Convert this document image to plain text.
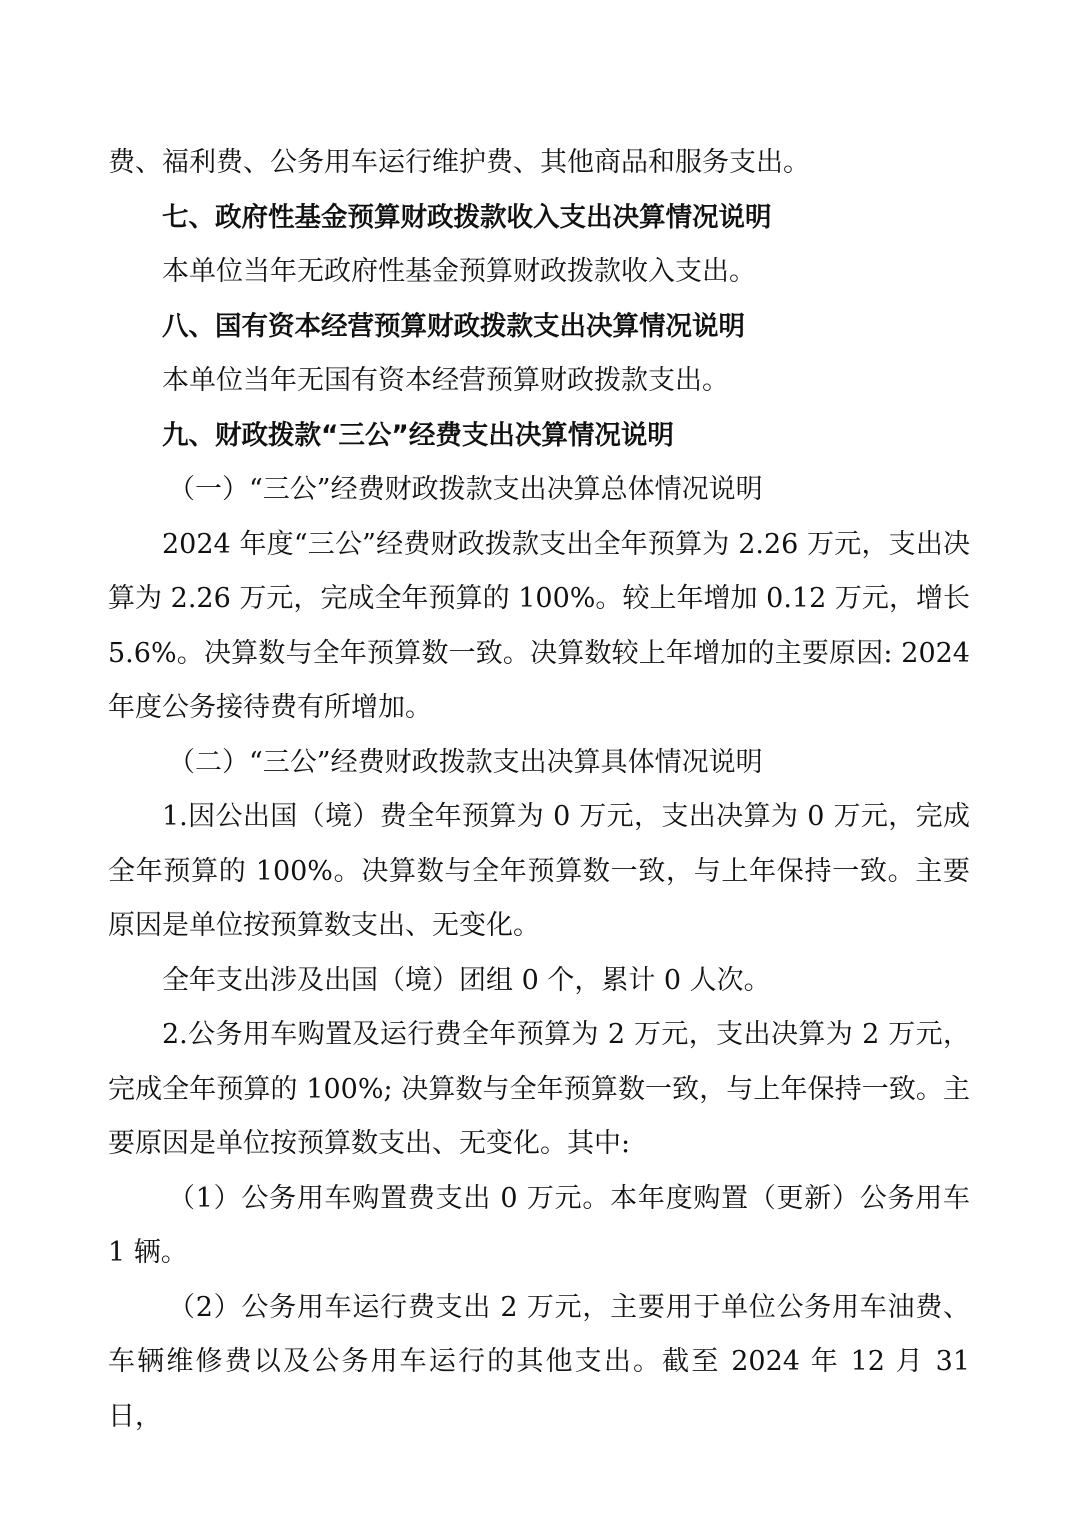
费、福利费、公务用车运行维护费、其他商品和服务支出。

七、政府性基金预算财政拨款收入支出决算情况说明

本单位当年无政府性基金预算财政拨款收入支出。

八、国有资本经营预算财政拨款支出决算情况说明

本单位当年无国有资本经营预算财政拨款支出。

九、财政拨款“三公”经费支出决算情况说明

（一）“三公”经费财政拨款支出决算总体情况说明

2024 年度“三公”经费财政拨款支出全年预算为 2.26 万元，支出决算为 2.26 万元，完成全年预算的 100%。较上年增加 0.12 万元，增长 5.6%。决算数与全年预算数一致。决算数较上年增加的主要原因: 2024 年度公务接待费有所增加。

（二）“三公”经费财政拨款支出决算具体情况说明

1.因公出国（境）费全年预算为 0 万元，支出决算为 0 万元，完成全年预算的 100%。决算数与全年预算数一致，与上年保持一致。主要原因是单位按预算数支出、无变化。

全年支出涉及出国（境）团组 0 个，累计 0 人次。

2.公务用车购置及运行费全年预算为 2 万元，支出决算为 2 万元，完成全年预算的 100%; 决算数与全年预算数一致，与上年保持一致。主要原因是单位按预算数支出、无变化。其中:

（1）公务用车购置费支出 0 万元。本年度购置（更新）公务用车 1 辆。

（2）公务用车运行费支出 2 万元，主要用于单位公务用车油费、车辆维修费以及公务用车运行的其他支出。截至 2024 年 12 月 31 日，
